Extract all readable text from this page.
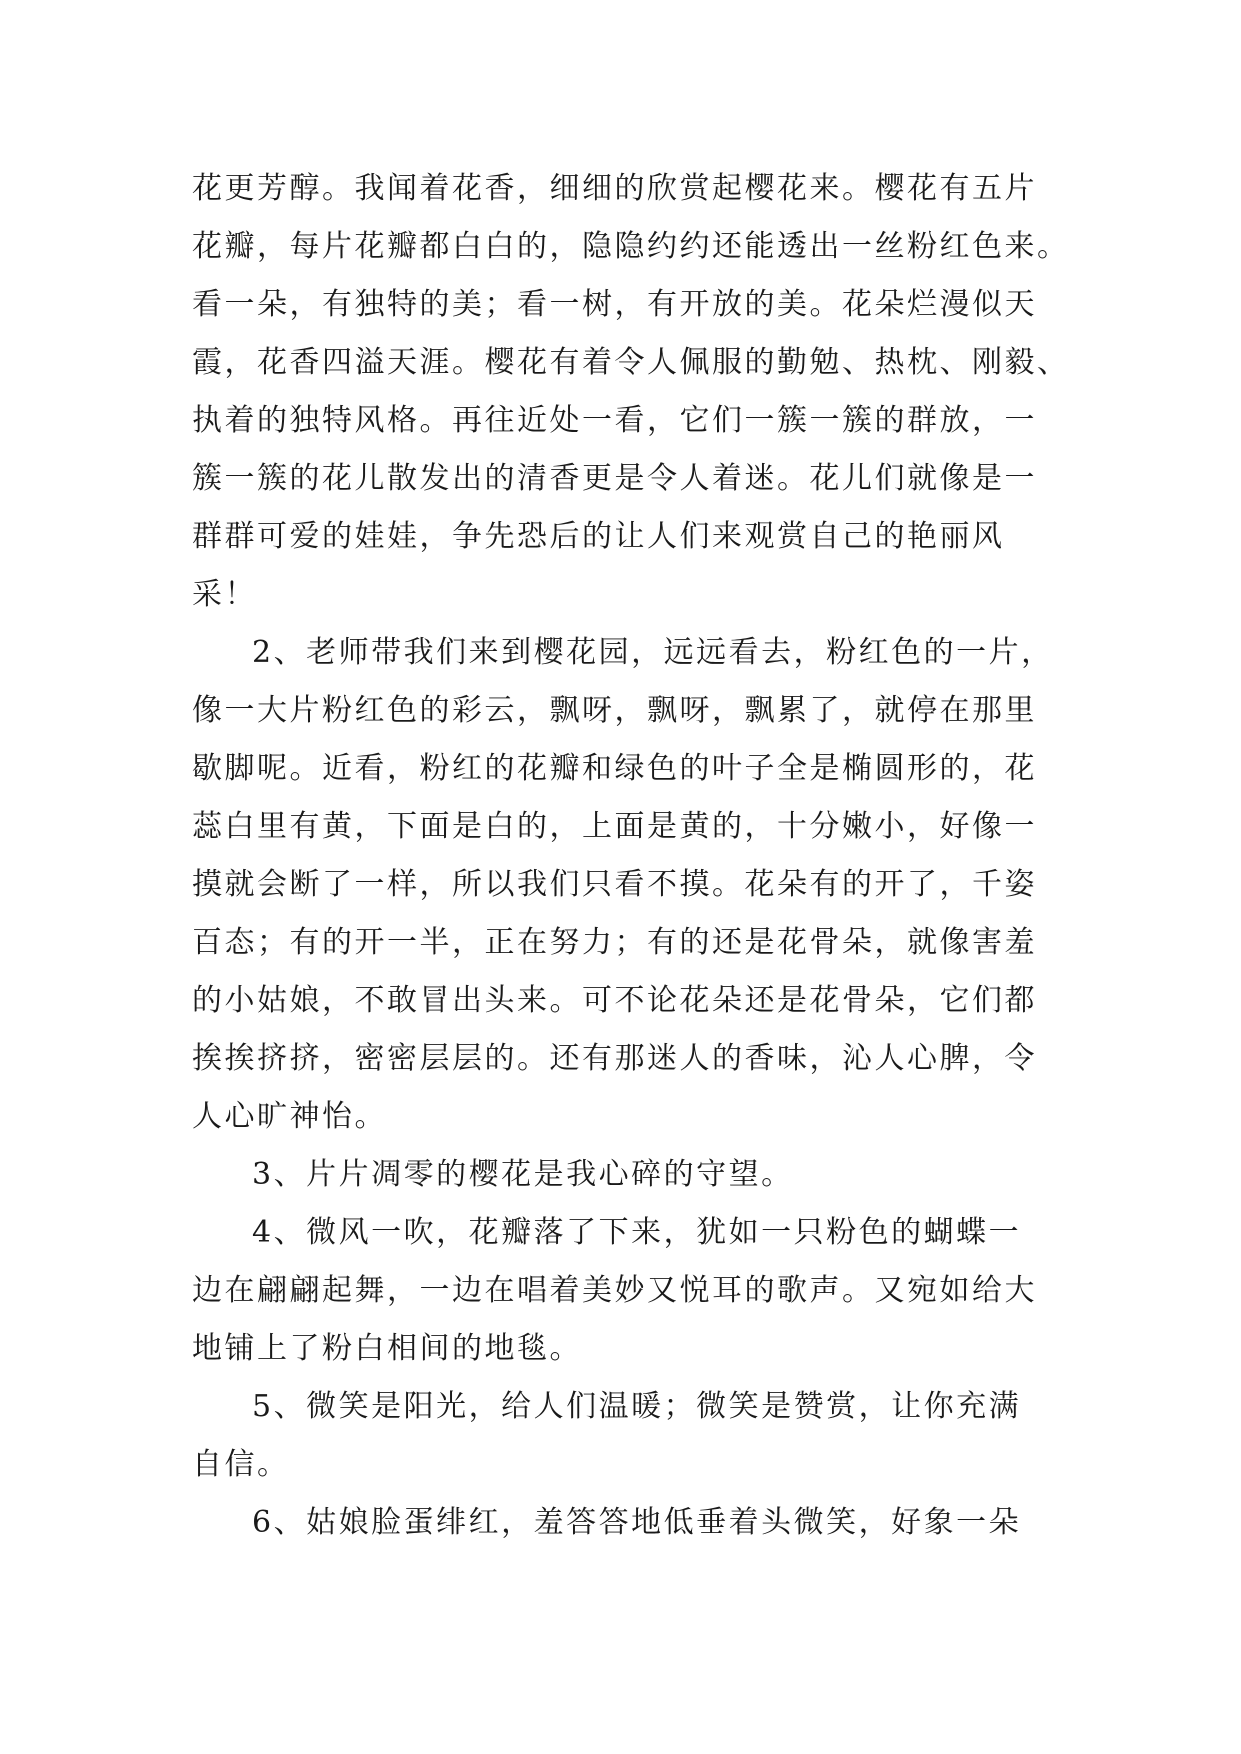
花更芳醇。我闻着花香，细细的欣赏起樱花来。樱花有五片
花瓣，每片花瓣都白白的，隐隐约约还能透出一丝粉红色来。
看一朵，有独特的美；看一树，有开放的美。花朵烂漫似天
霞，花香四溢天涯。樱花有着令人佩服的勤勉、热枕、刚毅、
执着的独特风格。再往近处一看，它们一簇一簇的群放，一
簇一簇的花儿散发出的清香更是令人着迷。花儿们就像是一
群群可爱的娃娃，争先恐后的让人们来观赏自己的艳丽风
采！
2、老师带我们来到樱花园，远远看去，粉红色的一片，
像一大片粉红色的彩云，飘呀，飘呀，飘累了，就停在那里
歇脚呢。近看，粉红的花瓣和绿色的叶子全是椭圆形的，花
蕊白里有黄，下面是白的，上面是黄的，十分嫩小，好像一
摸就会断了一样，所以我们只看不摸。花朵有的开了，千姿
百态；有的开一半，正在努力；有的还是花骨朵，就像害羞
的小姑娘，不敢冒出头来。可不论花朵还是花骨朵，它们都
挨挨挤挤，密密层层的。还有那迷人的香味，沁人心脾，令
人心旷神怡。
3、片片凋零的樱花是我心碎的守望。
4、微风一吹，花瓣落了下来，犹如一只粉色的蝴蝶一
边在翩翩起舞，一边在唱着美妙又悦耳的歌声。又宛如给大
地铺上了粉白相间的地毯。
5、微笑是阳光，给人们温暖；微笑是赞赏，让你充满
自信。
6、姑娘脸蛋绯红，羞答答地低垂着头微笑，好象一朵
